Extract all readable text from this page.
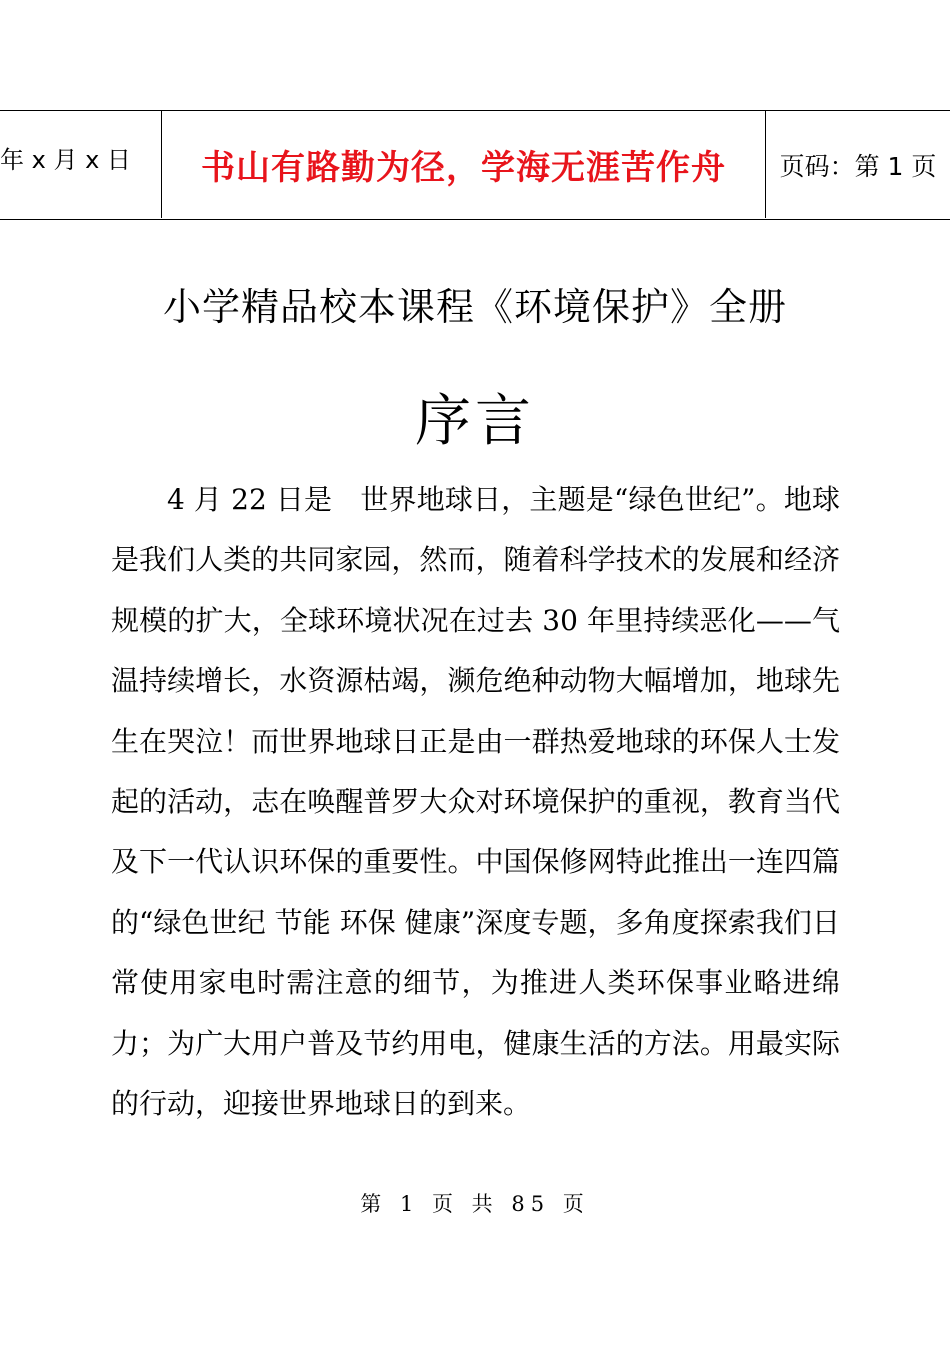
年 x 月 x 日	书山有路勤为径，学海无涯苦作舟	页码：第 1 页
小学精品校本课程《环境保护》全册
序言

4 月 22 日是　世界地球日，主题是“绿色世纪”。地球是我们人类的共同家园，然而，随着科学技术的发展和经济规模的扩大，全球环境状况在过去 30 年里持续恶化——气温持续增长，水资源枯竭，濒危绝种动物大幅增加，地球先生在哭泣！而世界地球日正是由一群热爱地球的环保人士发起的活动，志在唤醒普罗大众对环境保护的重视，教育当代及下一代认识环保的重要性。中国保修网特此推出一连四篇的“绿色世纪 节能 环保 健康”深度专题，多角度探索我们日常使用家电时需注意的细节，为推进人类环保事业略进绵力；为广大用户普及节约用电，健康生活的方法。用最实际的行动，迎接世界地球日的到来。

第 1 页 共 85 页
